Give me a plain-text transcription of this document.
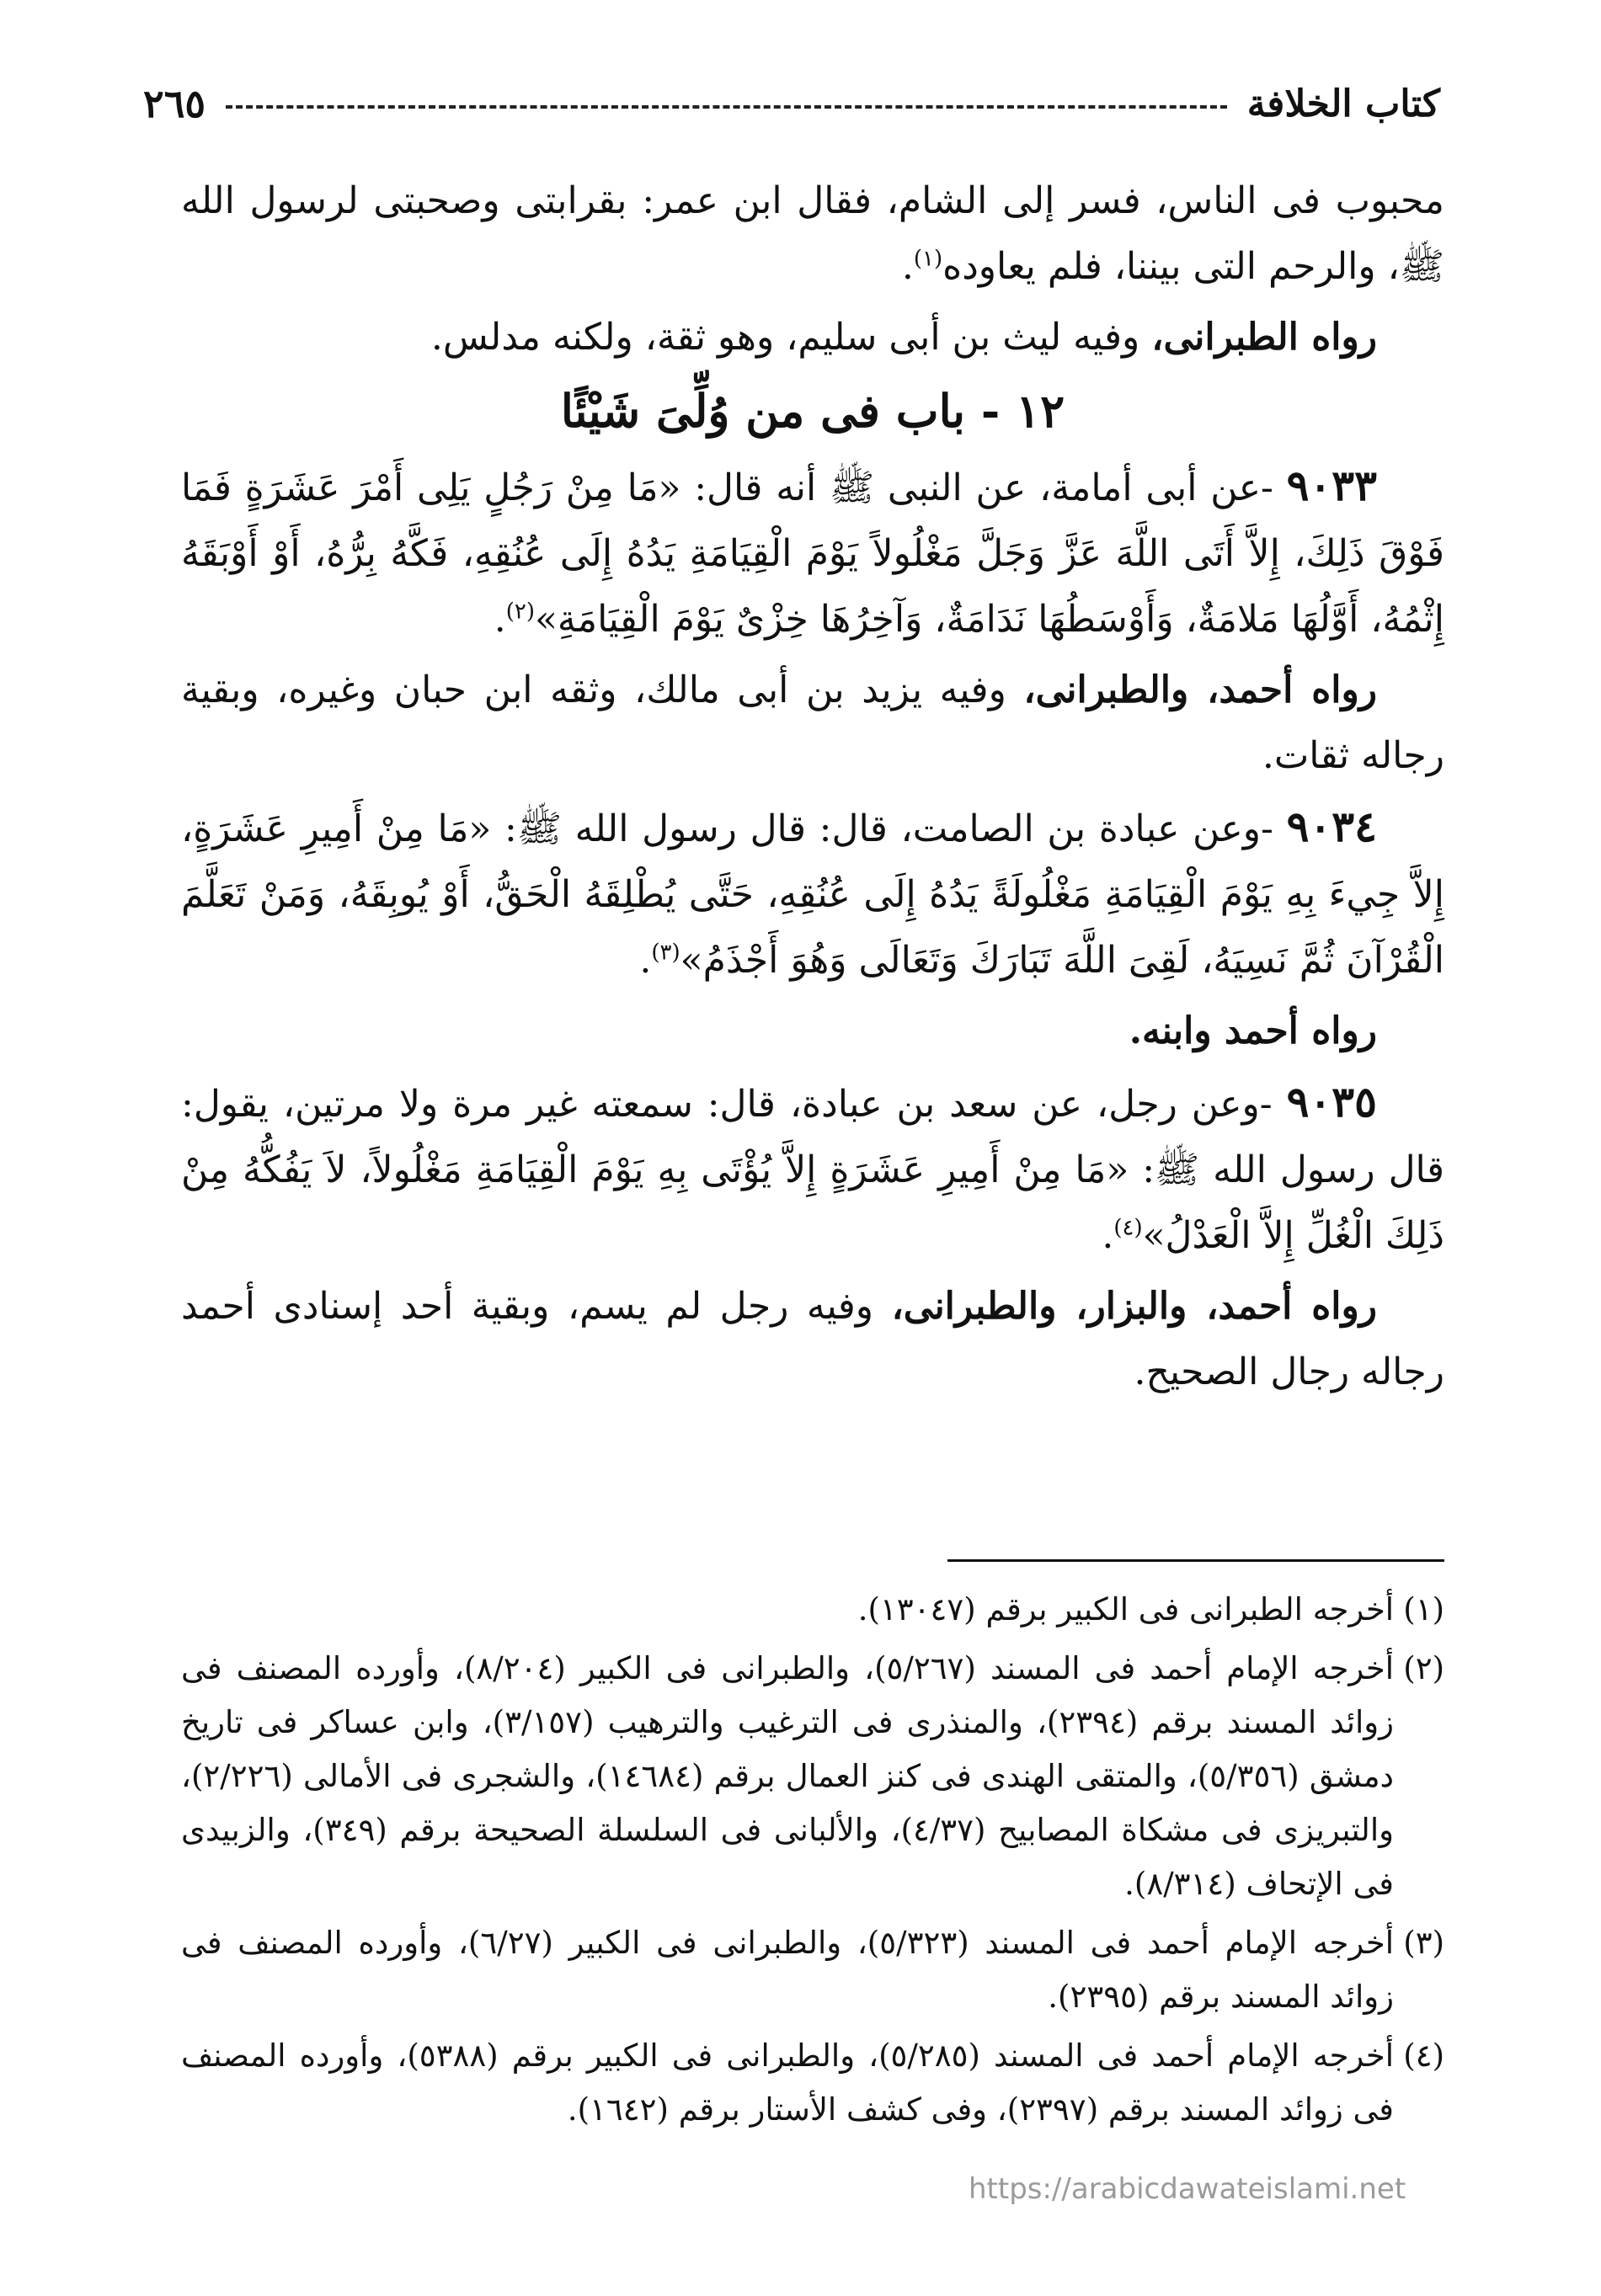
كتاب الخلافة
٢٦٥

محبوب فى الناس، فسر إلى الشام، فقال ابن عمر: بقرابتى وصحبتى لرسول الله ﷺ، والرحم التى بيننا، فلم يعاوده$^{(١)}$.

رواه الطبرانى، وفيه ليث بن أبى سليم، وهو ثقة، ولكنه مدلس.

١٢ - باب فى من وُلِّىَ شَيْئًا

٩٠٣٣ -عن أبى أمامة، عن النبى ﷺ أنه قال: «مَا مِنْ رَجُلٍ يَلِى أَمْرَ عَشَرَةٍ فَمَا فَوْقَ ذَلِكَ، إِلاَّ أَتَى اللَّهَ عَزَّ وَجَلَّ مَغْلُولاً يَوْمَ الْقِيَامَةِ يَدُهُ إِلَى عُنُقِهِ، فَكَّهُ بِرُّهُ، أَوْ أَوْبَقَهُ إِثْمُهُ، أَوَّلُهَا مَلامَةٌ، وَأَوْسَطُهَا نَدَامَةٌ، وَآخِرُهَا خِزْىٌ يَوْمَ الْقِيَامَةِ»$^{(٢)}$.

رواه أحمد، والطبرانى، وفيه يزيد بن أبى مالك، وثقه ابن حبان وغيره، وبقية رجاله ثقات.

٩٠٣٤ -وعن عبادة بن الصامت، قال: قال رسول الله ﷺ: «مَا مِنْ أَمِيرِ عَشَرَةٍ، إِلاَّ جِيءَ بِهِ يَوْمَ الْقِيَامَةِ مَغْلُولَةً يَدُهُ إِلَى عُنُقِهِ، حَتَّى يُطْلِقَهُ الْحَقُّ، أَوْ يُوبِقَهُ، وَمَنْ تَعَلَّمَ الْقُرْآنَ ثُمَّ نَسِيَهُ، لَقِىَ اللَّهَ تَبَارَكَ وَتَعَالَى وَهُوَ أَجْذَمُ»$^{(٣)}$.

رواه أحمد وابنه.

٩٠٣٥ -وعن رجل، عن سعد بن عبادة، قال: سمعته غير مرة ولا مرتين، يقول: قال رسول الله ﷺ: «مَا مِنْ أَمِيرِ عَشَرَةٍ إِلاَّ يُؤْتَى بِهِ يَوْمَ الْقِيَامَةِ مَغْلُولاً، لاَ يَفُكُّهُ مِنْ ذَلِكَ الْغُلِّ إِلاَّ الْعَدْلُ»$^{(٤)}$.

رواه أحمد، والبزار، والطبرانى، وفيه رجل لم يسم، وبقية أحد إسنادى أحمد رجاله رجال الصحيح.

(١)
أخرجه الطبرانى فى الكبير برقم (١٣٠٤٧).
(٢)
أخرجه الإمام أحمد فى المسند (٥/٢٦٧)، والطبرانى فى الكبير (٨/٢٠٤)، وأورده المصنف فى زوائد المسند برقم (٢٣٩٤)، والمنذرى فى الترغيب والترهيب (٣/١٥٧)، وابن عساكر فى تاريخ دمشق (٥/٣٥٦)، والمتقى الهندى فى كنز العمال برقم (١٤٦٨٤)، والشجرى فى الأمالى (٢/٢٢٦)، والتبريزى فى مشكاة المصابيح (٤/٣٧)، والألبانى فى السلسلة الصحيحة برقم (٣٤٩)، والزبيدى فى الإتحاف (٨/٣١٤).
(٣)
أخرجه الإمام أحمد فى المسند (٥/٣٢٣)، والطبرانى فى الكبير (٦/٢٧)، وأورده المصنف فى زوائد المسند برقم (٢٣٩٥).
(٤)
أخرجه الإمام أحمد فى المسند (٥/٢٨٥)، والطبرانى فى الكبير برقم (٥٣٨٨)، وأورده المصنف فى زوائد المسند برقم (٢٣٩٧)، وفى كشف الأستار برقم (١٦٤٢).
https://arabicdawateislami.net
